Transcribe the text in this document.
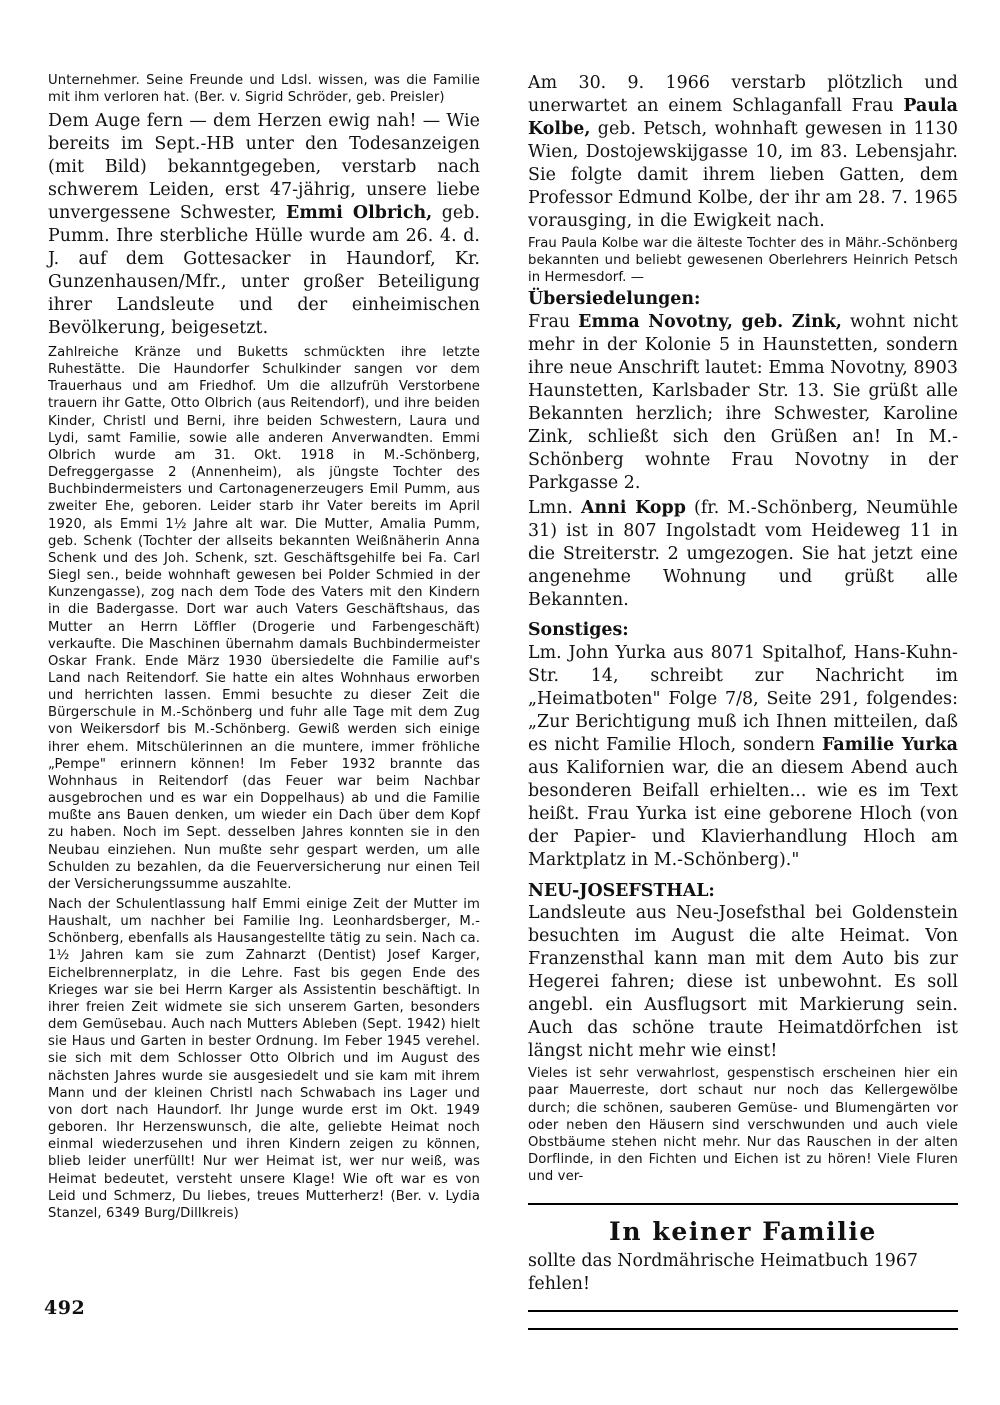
Unternehmer. Seine Freunde und Ldsl. wissen, was die Familie mit ihm verloren hat. (Ber. v. Sigrid Schröder, geb. Preisler)

Dem Auge fern — dem Herzen ewig nah! — Wie bereits im Sept.-HB unter den Todesanzeigen (mit Bild) bekanntgegeben, verstarb nach schwerem Leiden, erst 47-jährig, unsere liebe unvergessene Schwester, Emmi Olbrich, geb. Pumm. Ihre sterbliche Hülle wurde am 26. 4. d. J. auf dem Gottesacker in Haundorf, Kr. Gunzenhausen/Mfr., unter großer Beteiligung ihrer Landsleute und der einheimischen Bevölkerung, beigesetzt.

Zahlreiche Kränze und Buketts schmückten ihre letzte Ruhestätte. Die Haundorfer Schulkinder sangen vor dem Trauerhaus und am Friedhof. Um die allzufrüh Verstorbene trauern ihr Gatte, Otto Olbrich (aus Reitendorf), und ihre beiden Kinder, Christl und Berni, ihre beiden Schwestern, Laura und Lydi, samt Familie, sowie alle anderen Anverwandten. Emmi Olbrich wurde am 31. Okt. 1918 in M.-Schönberg, Defreggergasse 2 (Annenheim), als jüngste Tochter des Buchbindermeisters und Cartonagenerzeugers Emil Pumm, aus zweiter Ehe, geboren. Leider starb ihr Vater bereits im April 1920, als Emmi 1½ Jahre alt war. Die Mutter, Amalia Pumm, geb. Schenk (Tochter der allseits bekannten Weißnäherin Anna Schenk und des Joh. Schenk, szt. Geschäftsgehilfe bei Fa. Carl Siegl sen., beide wohnhaft gewesen bei Polder Schmied in der Kunzengasse), zog nach dem Tode des Vaters mit den Kindern in die Badergasse. Dort war auch Vaters Geschäftshaus, das Mutter an Herrn Löffler (Drogerie und Farbengeschäft) verkaufte. Die Maschinen übernahm damals Buchbindermeister Oskar Frank. Ende März 1930 übersiedelte die Familie auf's Land nach Reitendorf. Sie hatte ein altes Wohnhaus erworben und herrichten lassen. Emmi besuchte zu dieser Zeit die Bürgerschule in M.-Schönberg und fuhr alle Tage mit dem Zug von Weikersdorf bis M.-Schönberg. Gewiß werden sich einige ihrer ehem. Mitschülerinnen an die muntere, immer fröhliche „Pempe" erinnern können! Im Feber 1932 brannte das Wohnhaus in Reitendorf (das Feuer war beim Nachbar ausgebrochen und es war ein Doppelhaus) ab und die Familie mußte ans Bauen denken, um wieder ein Dach über dem Kopf zu haben. Noch im Sept. desselben Jahres konnten sie in den Neubau einziehen. Nun mußte sehr gespart werden, um alle Schulden zu bezahlen, da die Feuerversicherung nur einen Teil der Versicherungssumme auszahlte.

Nach der Schulentlassung half Emmi einige Zeit der Mutter im Haushalt, um nachher bei Familie Ing. Leonhardsberger, M.-Schönberg, ebenfalls als Hausangestellte tätig zu sein. Nach ca. 1½ Jahren kam sie zum Zahnarzt (Dentist) Josef Karger, Eichelbrennerplatz, in die Lehre. Fast bis gegen Ende des Krieges war sie bei Herrn Karger als Assistentin beschäftigt. In ihrer freien Zeit widmete sie sich unserem Garten, besonders dem Gemüsebau. Auch nach Mutters Ableben (Sept. 1942) hielt sie Haus und Garten in bester Ordnung. Im Feber 1945 verehel. sie sich mit dem Schlosser Otto Olbrich und im August des nächsten Jahres wurde sie ausgesiedelt und sie kam mit ihrem Mann und der kleinen Christl nach Schwabach ins Lager und von dort nach Haundorf. Ihr Junge wurde erst im Okt. 1949 geboren. Ihr Herzenswunsch, die alte, geliebte Heimat noch einmal wiederzusehen und ihren Kindern zeigen zu können, blieb leider unerfüllt! Nur wer Heimat ist, wer nur weiß, was Heimat bedeutet, versteht unsere Klage! Wie oft war es von Leid und Schmerz, Du liebes, treues Mutterherz! (Ber. v. Lydia Stanzel, 6349 Burg/Dillkreis)

Am 30. 9. 1966 verstarb plötzlich und unerwartet an einem Schlaganfall Frau Paula Kolbe, geb. Petsch, wohnhaft gewesen in 1130 Wien, Dostojewskijgasse 10, im 83. Lebensjahr. Sie folgte damit ihrem lieben Gatten, dem Professor Edmund Kolbe, der ihr am 28. 7. 1965 vorausging, in die Ewigkeit nach.

Frau Paula Kolbe war die älteste Tochter des in Mähr.-Schönberg bekannten und beliebt gewesenen Oberlehrers Heinrich Petsch in Hermesdorf. —

Übersiedelungen:

Frau Emma Novotny, geb. Zink, wohnt nicht mehr in der Kolonie 5 in Haunstetten, sondern ihre neue Anschrift lautet: Emma Novotny, 8903 Haunstetten, Karlsbader Str. 13. Sie grüßt alle Bekannten herzlich; ihre Schwester, Karoline Zink, schließt sich den Grüßen an! In M.-Schönberg wohnte Frau Novotny in der Parkgasse 2.

Lmn. Anni Kopp (fr. M.-Schönberg, Neumühle 31) ist in 807 Ingolstadt vom Heideweg 11 in die Streiterstr. 2 umgezogen. Sie hat jetzt eine angenehme Wohnung und grüßt alle Bekannten.

Sonstiges:

Lm. John Yurka aus 8071 Spitalhof, Hans-Kuhn-Str. 14, schreibt zur Nachricht im „Heimatboten" Folge 7/8, Seite 291, folgendes: „Zur Berichtigung muß ich Ihnen mitteilen, daß es nicht Familie Hloch, sondern Familie Yurka aus Kalifornien war, die an diesem Abend auch besonderen Beifall erhielten... wie es im Text heißt. Frau Yurka ist eine geborene Hloch (von der Papier- und Klavierhandlung Hloch am Marktplatz in M.-Schönberg)."

NEU-JOSEFSTHAL:

Landsleute aus Neu-Josefsthal bei Goldenstein besuchten im August die alte Heimat. Von Franzensthal kann man mit dem Auto bis zur Hegerei fahren; diese ist unbewohnt. Es soll angebl. ein Ausflugsort mit Markierung sein. Auch das schöne traute Heimatdörfchen ist längst nicht mehr wie einst!

Vieles ist sehr verwahrlost, gespenstisch erscheinen hier ein paar Mauerreste, dort schaut nur noch das Kellergewölbe durch; die schönen, sauberen Gemüse- und Blumengärten vor oder neben den Häusern sind verschwunden und auch viele Obstbäume stehen nicht mehr. Nur das Rauschen in der alten Dorflinde, in den Fichten und Eichen ist zu hören! Viele Fluren und ver-

In keiner Familie
sollte das Nordmährische Heimatbuch 1967 fehlen!
492
